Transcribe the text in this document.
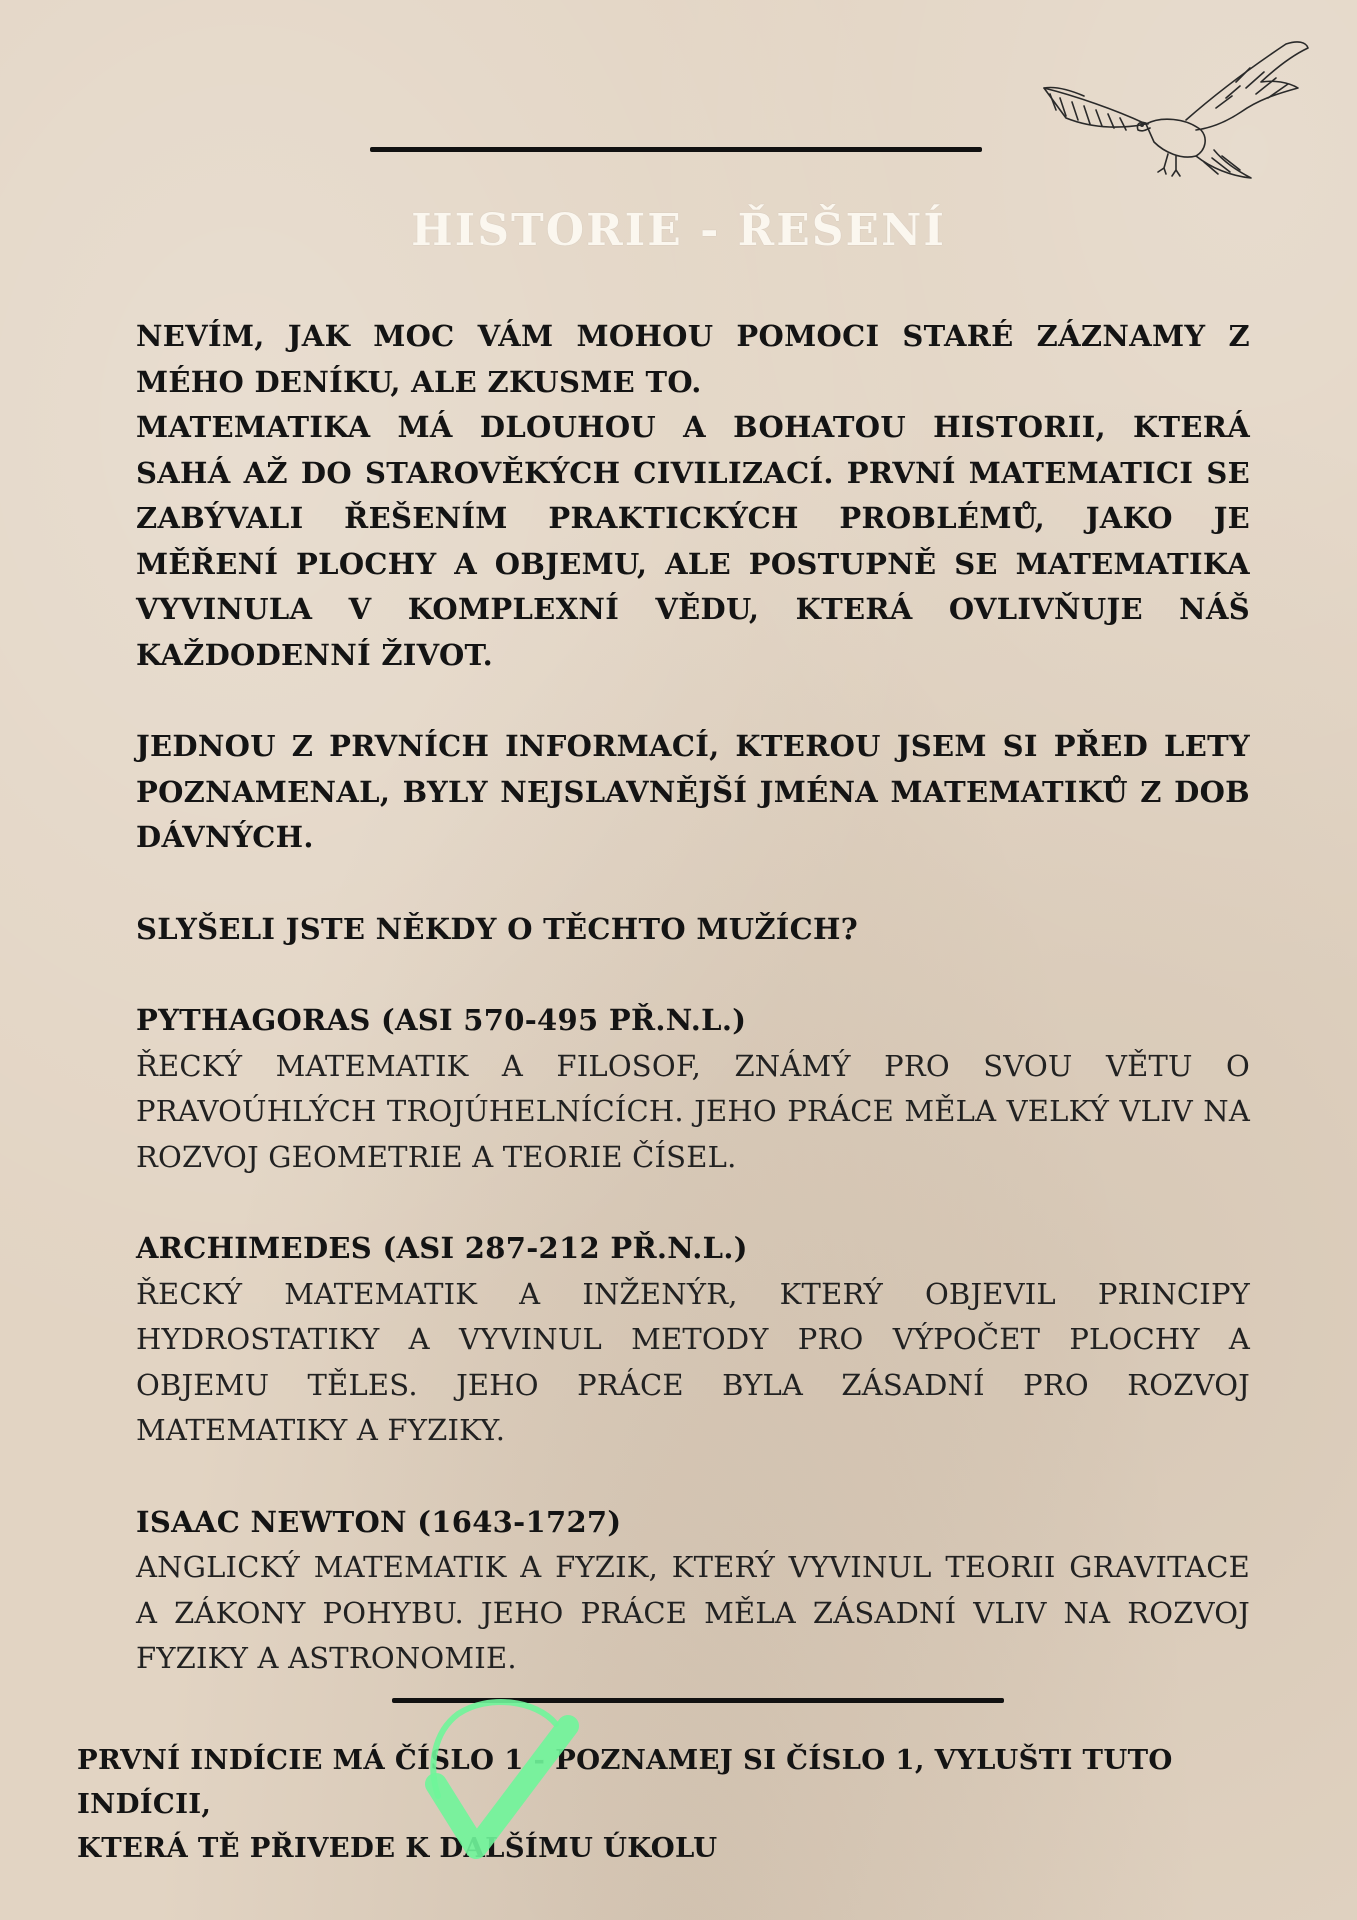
HISTORIE - ŘEŠENÍ

NEVÍM, JAK MOC VÁM MOHOU POMOCI STARÉ ZÁZNAMY Z MÉHO DENÍKU, ALE ZKUSME TO.

MATEMATIKA MÁ DLOUHOU A BOHATOU HISTORII, KTERÁ SAHÁ AŽ DO STAROVĚKÝCH CIVILIZACÍ. PRVNÍ MATEMATICI SE ZABÝVALI ŘEŠENÍM PRAKTICKÝCH PROBLÉMŮ, JAKO JE MĚŘENÍ PLOCHY A OBJEMU, ALE POSTUPNĚ SE MATEMATIKA VYVINULA V KOMPLEXNÍ VĚDU, KTERÁ OVLIVŇUJE NÁŠ KAŽDODENNÍ ŽIVOT.

JEDNOU Z PRVNÍCH INFORMACÍ, KTEROU JSEM SI PŘED LETY POZNAMENAL, BYLY NEJSLAVNĚJŠÍ JMÉNA MATEMATIKŮ Z DOB DÁVNÝCH.

SLYŠELI JSTE NĚKDY O TĚCHTO MUŽÍCH?

PYTHAGORAS (ASI 570-495 PŘ.N.L.)

ŘECKÝ MATEMATIK A FILOSOF, ZNÁMÝ PRO SVOU VĚTU O PRAVOÚHLÝCH TROJÚHELNÍCÍCH. JEHO PRÁCE MĚLA VELKÝ VLIV NA ROZVOJ GEOMETRIE A TEORIE ČÍSEL.

ARCHIMEDES (ASI 287-212 PŘ.N.L.)

ŘECKÝ MATEMATIK A INŽENÝR, KTERÝ OBJEVIL PRINCIPY HYDROSTATIKY A VYVINUL METODY PRO VÝPOČET PLOCHY A OBJEMU TĚLES. JEHO PRÁCE BYLA ZÁSADNÍ PRO ROZVOJ MATEMATIKY A FYZIKY.

ISAAC NEWTON (1643-1727)

ANGLICKÝ MATEMATIK A FYZIK, KTERÝ VYVINUL TEORII GRAVITACE A ZÁKONY POHYBU. JEHO PRÁCE MĚLA ZÁSADNÍ VLIV NA ROZVOJ FYZIKY A ASTRONOMIE.

PRVNÍ INDÍCIE MÁ ČÍSLO 1 - POZNAMEJ SI ČÍSLO 1, VYLUŠTI TUTO INDÍCII,
KTERÁ TĚ PŘIVEDE K DALŠÍMU ÚKOLU
